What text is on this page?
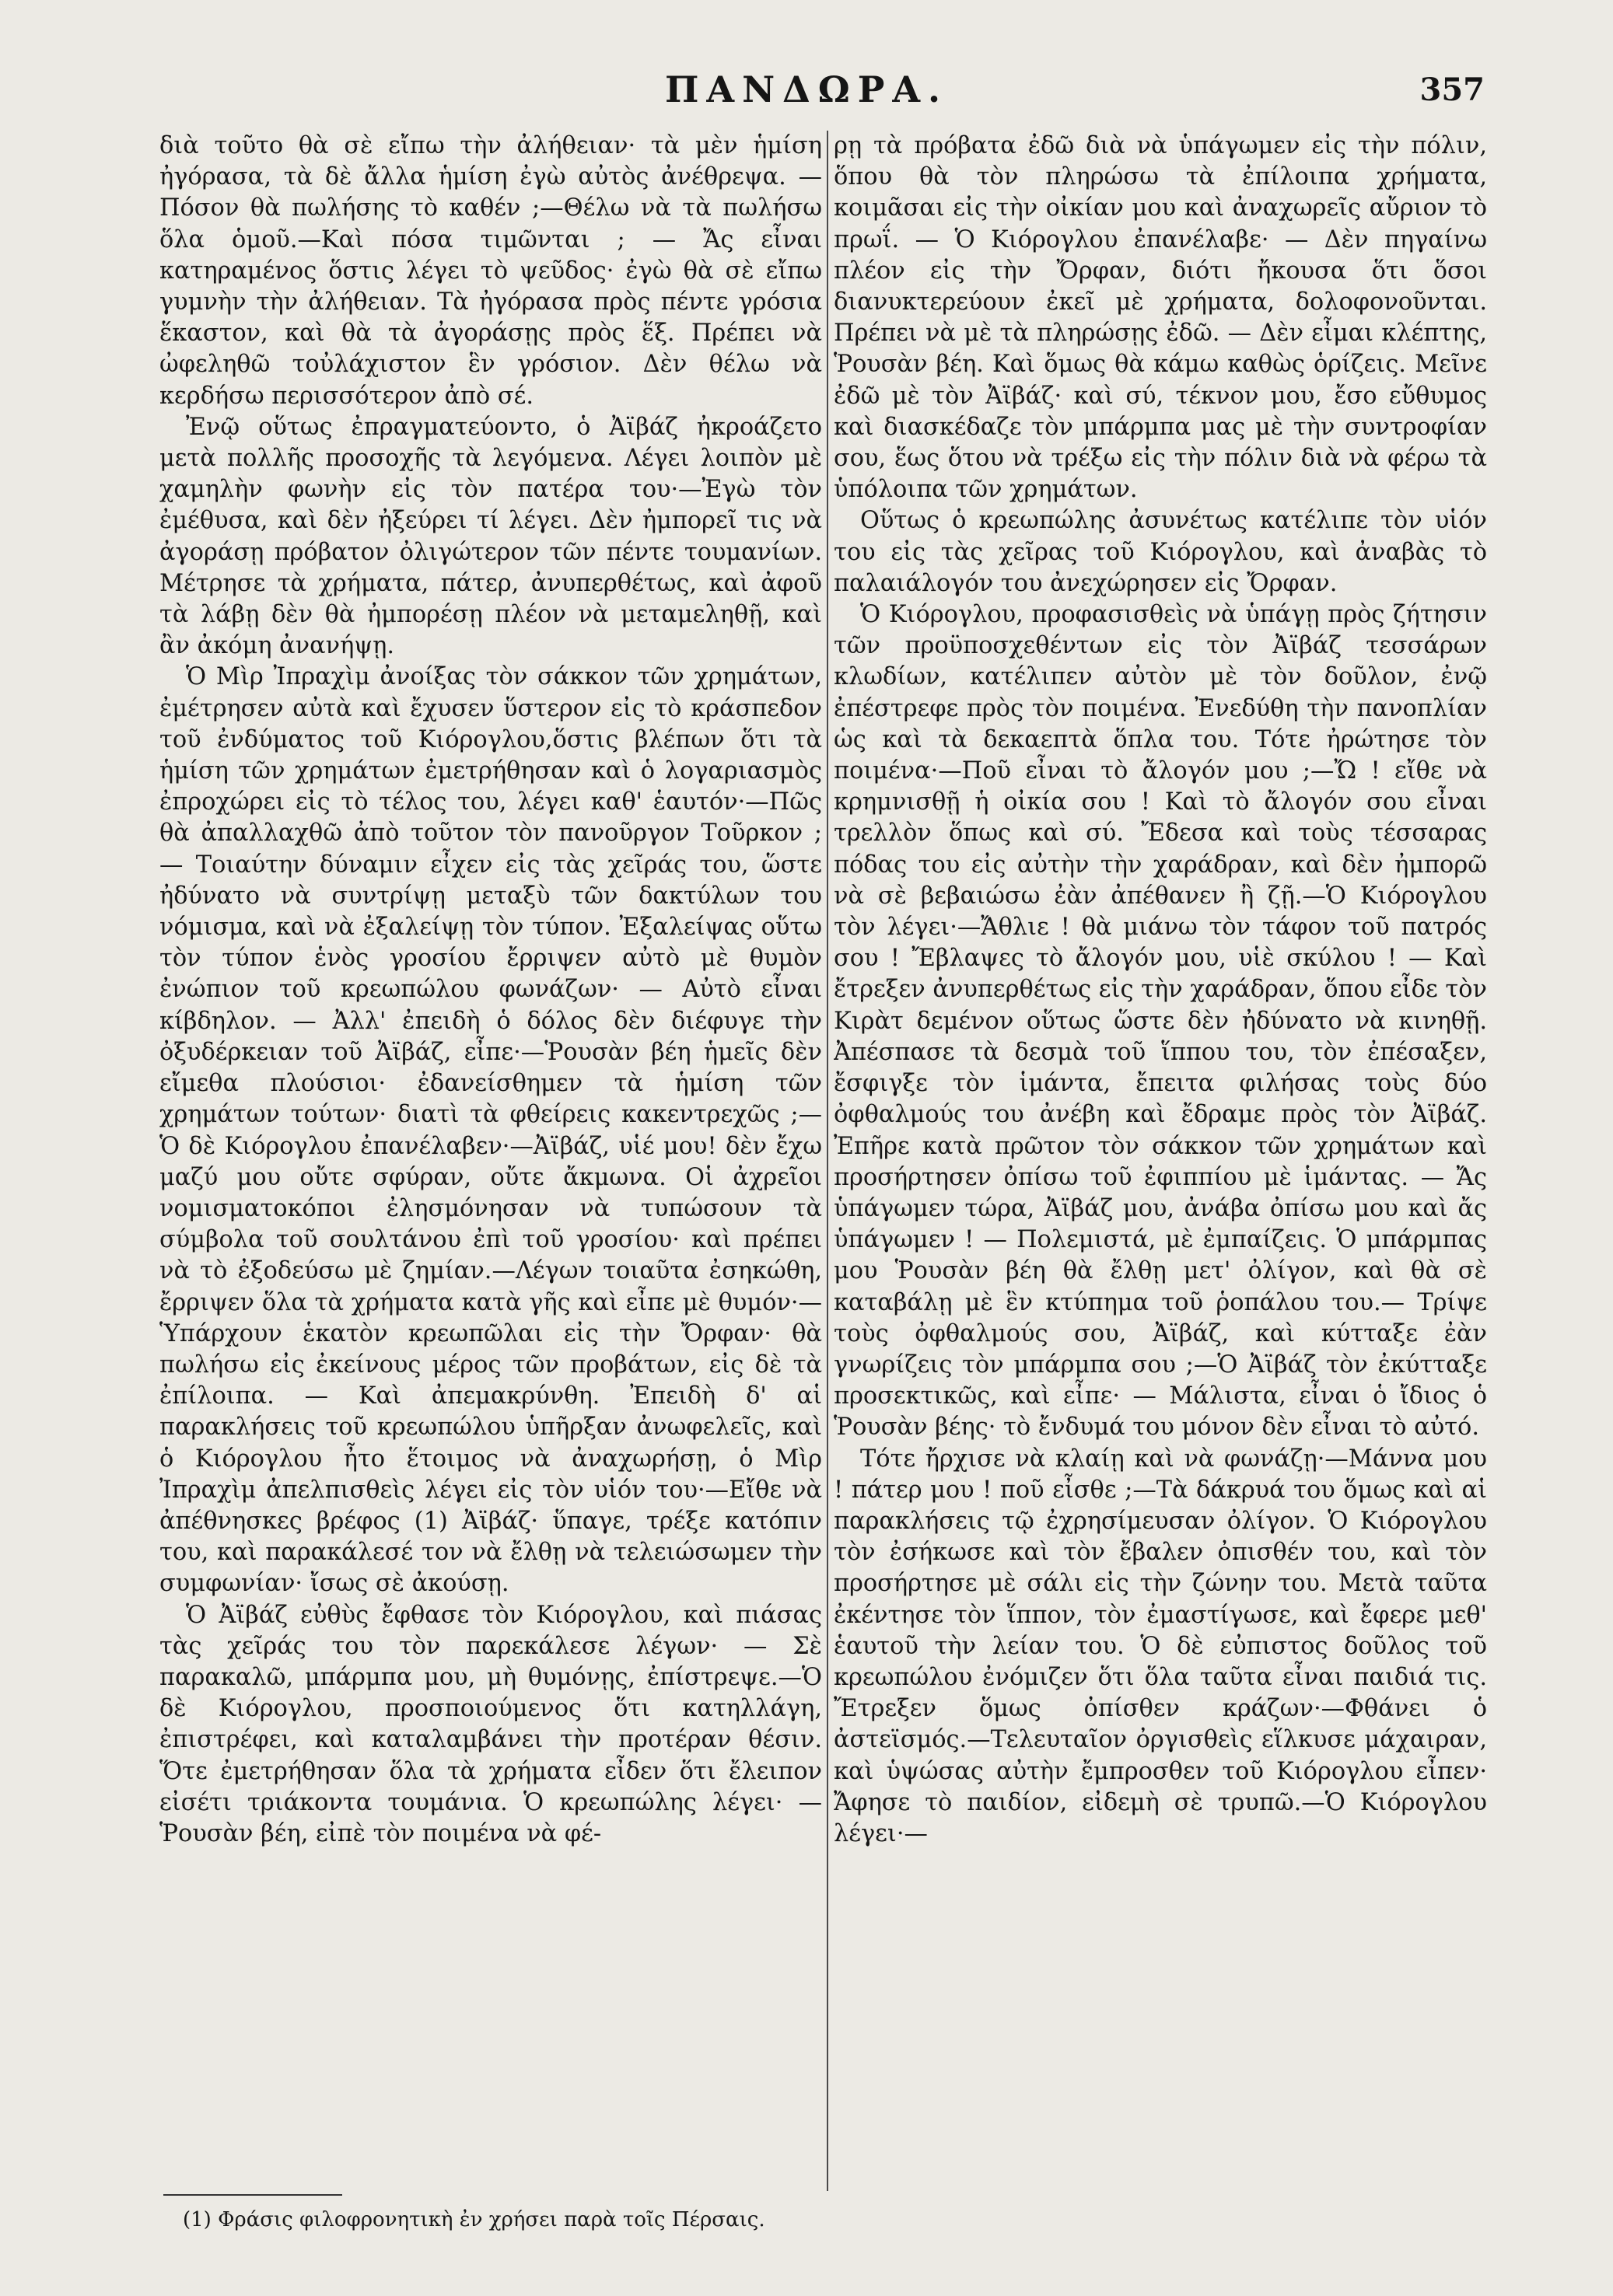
ΠΑΝΔΩΡΑ.	357

διὰ τοῦτο θὰ σὲ εἴπω τὴν ἀλήθειαν· τὰ μὲν ἡμίση ἠγόρασα, τὰ δὲ ἄλλα ἡμίση ἐγὼ αὐτὸς ἀνέθρεψα. — Πόσον θὰ πωλήσης τὸ καθέν ;—Θέλω νὰ τὰ πωλήσω ὅλα ὁμοῦ.—Καὶ πόσα τιμῶνται ; — Ἄς εἶναι κατηραμένος ὅστις λέγει τὸ ψεῦδος· ἐγὼ θὰ σὲ εἴπω γυμνὴν τὴν ἀλήθειαν. Τὰ ἠγόρασα πρὸς πέντε γρόσια ἕκαστον, καὶ θὰ τὰ ἀγοράσῃς πρὸς ἕξ. Πρέπει νὰ ὠφεληθῶ τοὐλάχιστον ἓν γρόσιον. Δὲν θέλω νὰ κερδήσω περισσότερον ἀπὸ σέ.

Ἐνῷ οὕτως ἐπραγματεύοντο, ὁ Ἀϊβάζ ἠκροάζετο μετὰ πολλῆς προσοχῆς τὰ λεγόμενα. Λέγει λοιπὸν μὲ χαμηλὴν φωνὴν εἰς τὸν πατέρα του·—Ἐγὼ τὸν ἐμέθυσα, καὶ δὲν ἠξεύρει τί λέγει. Δὲν ἠμπορεῖ τις νὰ ἀγοράσῃ πρόβατον ὀλιγώτερον τῶν πέντε τουμανίων. Μέτρησε τὰ χρήματα, πάτερ, ἀνυπερθέτως, καὶ ἀφοῦ τὰ λάβῃ δὲν θὰ ἠμπορέσῃ πλέον νὰ μεταμεληθῇ, καὶ ἂν ἀκόμη ἀνανήψῃ.

Ὁ Μὶρ Ἰπραχὶμ ἀνοίξας τὸν σάκκον τῶν χρημάτων, ἐμέτρησεν αὐτὰ καὶ ἔχυσεν ὕστερον εἰς τὸ κράσπεδον τοῦ ἐνδύματος τοῦ Κιόρογλου,ὅστις βλέπων ὅτι τὰ ἡμίση τῶν χρημάτων ἐμετρήθησαν καὶ ὁ λογαριασμὸς ἐπροχώρει εἰς τὸ τέλος του, λέγει καθ' ἑαυτόν·—Πῶς θὰ ἀπαλλαχθῶ ἀπὸ τοῦτον τὸν πανοῦργον Τοῦρκον ; — Τοιαύτην δύναμιν εἶχεν εἰς τὰς χεῖράς του, ὥστε ἠδύνατο νὰ συντρίψῃ μεταξὺ τῶν δακτύλων του νόμισμα, καὶ νὰ ἐξαλείψῃ τὸν τύπον. Ἐξαλείψας οὕτω τὸν τύπον ἑνὸς γροσίου ἔρριψεν αὐτὸ μὲ θυμὸν ἐνώπιον τοῦ κρεωπώλου φωνάζων· — Αὐτὸ εἶναι κίβδηλον. — Ἀλλ' ἐπειδὴ ὁ δόλος δὲν διέφυγε τὴν ὀξυδέρκειαν τοῦ Ἀϊβάζ, εἶπε·—Ῥουσὰν βέη ἡμεῖς δὲν εἴμεθα πλούσιοι· ἐδανείσθημεν τὰ ἡμίση τῶν χρημάτων τούτων· διατὶ τὰ φθείρεις κακεντρεχῶς ;—Ὁ δὲ Κιόρογλου ἐπανέλαβεν·—Ἀϊβάζ, υἱέ μου! δὲν ἔχω μαζύ μου οὔτε σφύραν, οὔτε ἄκμωνα. Οἱ ἀχρεῖοι νομισματοκόποι ἐλησμόνησαν νὰ τυπώσουν τὰ σύμβολα τοῦ σουλτάνου ἐπὶ τοῦ γροσίου· καὶ πρέπει νὰ τὸ ἐξοδεύσω μὲ ζημίαν.—Λέγων τοιαῦτα ἐσηκώθη, ἔρριψεν ὅλα τὰ χρήματα κατὰ γῆς καὶ εἶπε μὲ θυμόν·—Ὑπάρχουν ἑκατὸν κρεωπῶλαι εἰς τὴν Ὄρφαν· θὰ πωλήσω εἰς ἐκείνους μέρος τῶν προβάτων, εἰς δὲ τὰ ἐπίλοιπα. — Καὶ ἀπεμακρύνθη. Ἐπειδὴ δ' αἱ παρακλήσεις τοῦ κρεωπώλου ὑπῆρξαν ἀνωφελεῖς, καὶ ὁ Κιόρογλου ἦτο ἕτοιμος νὰ ἀναχωρήσῃ, ὁ Μὶρ Ἰπραχὶμ ἀπελπισθεὶς λέγει εἰς τὸν υἱόν του·—Εἴθε νὰ ἀπέθνησκες βρέφος (1) Ἀϊβάζ· ὕπαγε, τρέξε κατόπιν του, καὶ παρακάλεσέ τον νὰ ἔλθῃ νὰ τελειώσωμεν τὴν συμφωνίαν· ἴσως σὲ ἀκούσῃ.

Ὁ Ἀϊβάζ εὐθὺς ἔφθασε τὸν Κιόρογλου, καὶ πιάσας τὰς χεῖράς του τὸν παρεκάλεσε λέγων· — Σὲ παρακαλῶ, μπάρμπα μου, μὴ θυμόνῃς, ἐπίστρεψε.—Ὁ δὲ Κιόρογλου, προσποιούμενος ὅτι κατηλλάγη, ἐπιστρέφει, καὶ καταλαμβάνει τὴν προτέραν θέσιν. Ὅτε ἐμετρήθησαν ὅλα τὰ χρήματα εἶδεν ὅτι ἔλειπον εἰσέτι τριάκοντα τουμάνια. Ὁ κρεωπώλης λέγει· — Ῥουσὰν βέη, εἰπὲ τὸν ποιμένα νὰ φέ-

ρῃ τὰ πρόβατα ἐδῶ διὰ νὰ ὑπάγωμεν εἰς τὴν πόλιν, ὅπου θὰ τὸν πληρώσω τὰ ἐπίλοιπα χρήματα, κοιμᾶσαι εἰς τὴν οἰκίαν μου καὶ ἀναχωρεῖς αὔριον τὸ πρωΐ. — Ὁ Κιόρογλου ἐπανέλαβε· — Δὲν πηγαίνω πλέον εἰς τὴν Ὄρφαν, διότι ἤκουσα ὅτι ὅσοι διανυκτερεύουν ἐκεῖ μὲ χρήματα, δολοφονοῦνται. Πρέπει νὰ μὲ τὰ πληρώσῃς ἐδῶ. — Δὲν εἶμαι κλέπτης, Ῥουσὰν βέη. Καὶ ὅμως θὰ κάμω καθὼς ὁρίζεις. Μεῖνε ἐδῶ μὲ τὸν Ἀϊβάζ· καὶ σύ, τέκνον μου, ἔσο εὔθυμος καὶ διασκέδαζε τὸν μπάρμπα μας μὲ τὴν συντροφίαν σου, ἕως ὅτου νὰ τρέξω εἰς τὴν πόλιν διὰ νὰ φέρω τὰ ὑπόλοιπα τῶν χρημάτων.

Οὕτως ὁ κρεωπώλης ἀσυνέτως κατέλιπε τὸν υἱόν του εἰς τὰς χεῖρας τοῦ Κιόρογλου, καὶ ἀναβὰς τὸ παλαιάλογόν του ἀνεχώρησεν εἰς Ὄρφαν.

Ὁ Κιόρογλου, προφασισθεὶς νὰ ὑπάγῃ πρὸς ζήτησιν τῶν προϋποσχεθέντων εἰς τὸν Ἀϊβάζ τεσσάρων κλωδίων, κατέλιπεν αὐτὸν μὲ τὸν δοῦλον, ἐνῷ ἐπέστρεφε πρὸς τὸν ποιμένα. Ἐνεδύθη τὴν πανοπλίαν ὡς καὶ τὰ δεκαεπτὰ ὅπλα του. Τότε ἠρώτησε τὸν ποιμένα·—Ποῦ εἶναι τὸ ἄλογόν μου ;—Ὤ ! εἴθε νὰ κρημνισθῇ ἡ οἰκία σου ! Καὶ τὸ ἄλογόν σου εἶναι τρελλὸν ὅπως καὶ σύ. Ἔδεσα καὶ τοὺς τέσσαρας πόδας του εἰς αὐτὴν τὴν χαράδραν, καὶ δὲν ἠμπορῶ νὰ σὲ βεβαιώσω ἐὰν ἀπέθανεν ἢ ζῇ.—Ὁ Κιόρογλου τὸν λέγει·—Ἄθλιε ! θὰ μιάνω τὸν τάφον τοῦ πατρός σου ! Ἔβλαψες τὸ ἄλογόν μου, υἱὲ σκύλου ! — Καὶ ἔτρεξεν ἀνυπερθέτως εἰς τὴν χαράδραν, ὅπου εἶδε τὸν Κιρὰτ δεμένον οὕτως ὥστε δὲν ἠδύνατο νὰ κινηθῇ. Ἀπέσπασε τὰ δεσμὰ τοῦ ἵππου του, τὸν ἐπέσαξεν, ἔσφιγξε τὸν ἱμάντα, ἔπειτα φιλήσας τοὺς δύο ὀφθαλμούς του ἀνέβη καὶ ἔδραμε πρὸς τὸν Ἀϊβάζ. Ἐπῆρε κατὰ πρῶτον τὸν σάκκον τῶν χρημάτων καὶ προσήρτησεν ὀπίσω τοῦ ἐφιππίου μὲ ἱμάντας. — Ἄς ὑπάγωμεν τώρα, Ἀϊβάζ μου, ἀνάβα ὀπίσω μου καὶ ἄς ὑπάγωμεν ! — Πολεμιστά, μὲ ἐμπαίζεις. Ὁ μπάρμπας μου Ῥουσὰν βέη θὰ ἔλθῃ μετ' ὀλίγον, καὶ θὰ σὲ καταβάλῃ μὲ ἓν κτύπημα τοῦ ῥοπάλου του.— Τρίψε τοὺς ὀφθαλμούς σου, Ἀϊβάζ, καὶ κύτταξε ἐὰν γνωρίζεις τὸν μπάρμπα σου ;—Ὁ Ἀϊβάζ τὸν ἐκύτταξε προσεκτικῶς, καὶ εἶπε· — Μάλιστα, εἶναι ὁ ἴδιος ὁ Ῥουσὰν βέης· τὸ ἔνδυμά του μόνον δὲν εἶναι τὸ αὐτό.

Τότε ἤρχισε νὰ κλαίῃ καὶ νὰ φωνάζῃ·—Μάννα μου ! πάτερ μου ! ποῦ εἶσθε ;—Τὰ δάκρυά του ὅμως καὶ αἱ παρακλήσεις τῷ ἐχρησίμευσαν ὀλίγον. Ὁ Κιόρογλου τὸν ἐσήκωσε καὶ τὸν ἔβαλεν ὀπισθέν του, καὶ τὸν προσήρτησε μὲ σάλι εἰς τὴν ζώνην του. Μετὰ ταῦτα ἐκέντησε τὸν ἵππον, τὸν ἐμαστίγωσε, καὶ ἔφερε μεθ' ἑαυτοῦ τὴν λείαν του. Ὁ δὲ εὐπιστος δοῦλος τοῦ κρεωπώλου ἐνόμιζεν ὅτι ὅλα ταῦτα εἶναι παιδιά τις. Ἔτρεξεν ὅμως ὀπίσθεν κράζων·—Φθάνει ὁ ἀστεϊσμός.—Τελευταῖον ὀργισθεὶς εἵλκυσε μάχαιραν, καὶ ὑψώσας αὐτὴν ἔμπροσθεν τοῦ Κιόρογλου εἶπεν· Ἄφησε τὸ παιδίον, εἰδεμὴ σὲ τρυπῶ.—Ὁ Κιόρογλου λέγει·—

(1) Φράσις φιλοφρονητικὴ ἐν χρήσει παρὰ τοῖς Πέρσαις.
